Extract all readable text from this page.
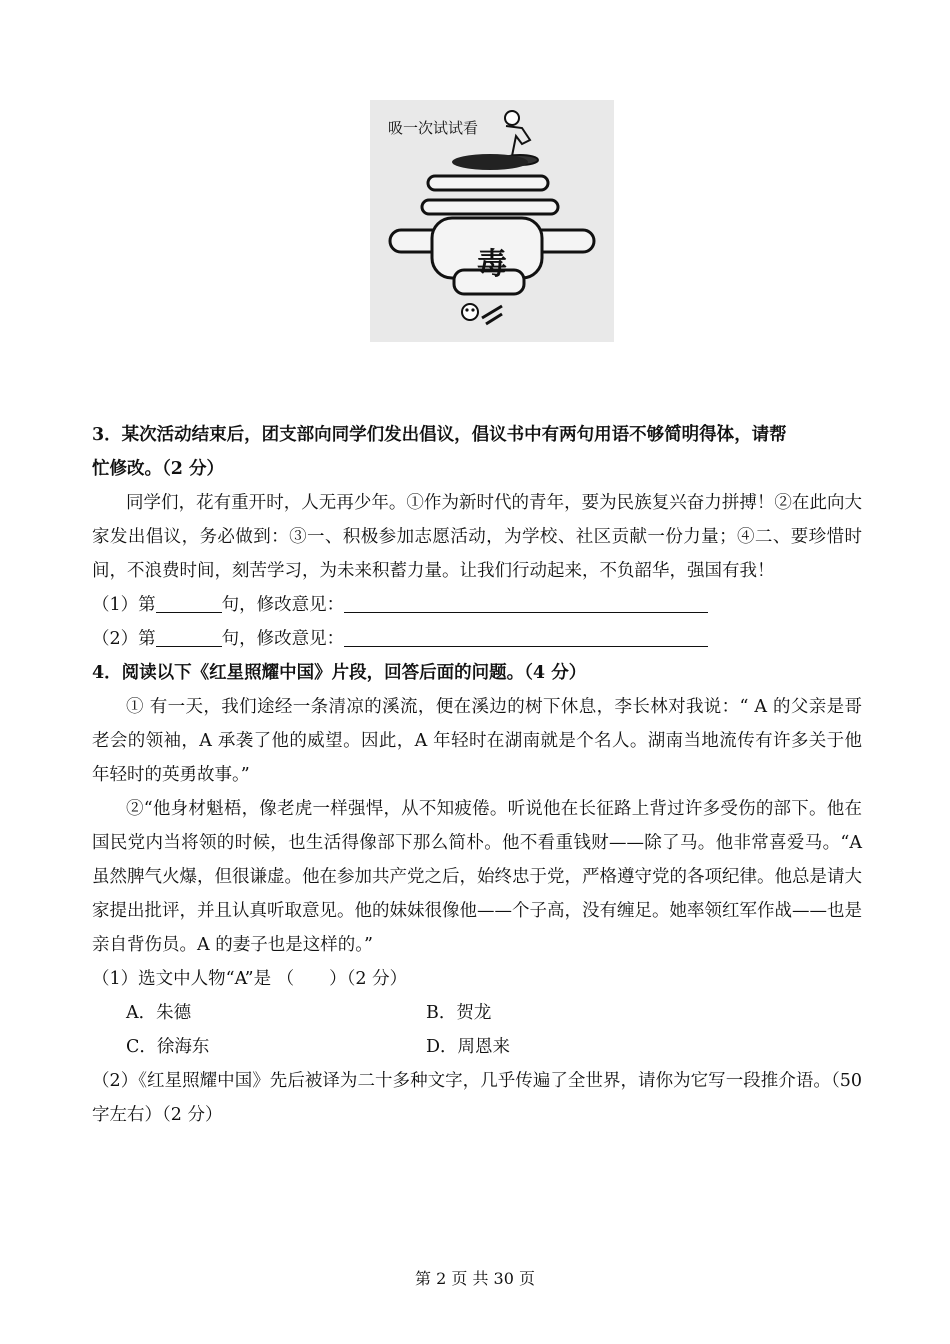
吸一次试试看
毒
3．某次活动结束后，团支部向同学们发出倡议，倡议书中有两句用语不够简明得体 · · · ·，请帮
忙修改。（2 分）
同学们，花有重开时，人无再少年。①作为新时代的青年，要为民族复兴奋力拼搏！②在此向大家发出倡议，务必做到：③一、积极参加志愿活动，为学校、社区贡献一份力量；④二、要珍惜时间，不浪费时间，刻苦学习，为未来积蓄力量。让我们行动起来，不负韶华，强国有我！
（1）第	句，修改意见：
（2）第	句，修改意见：
4．阅读以下《红星照耀中国》片段，回答后面的问题。（4 分）
① 有一天，我们途经一条清凉的溪流，便在溪边的树下休息，李长林对我说：“ A 的父亲是哥老会的领袖，A 承袭了他的威望。因此，A 年轻时在湖南就是个名人。湖南当地流传有许多关于他年轻时的英勇故事。”
②“他身材魁梧，像老虎一样强悍，从不知疲倦。听说他在长征路上背过许多受伤的部下。他在国民党内当将领的时候，也生活得像部下那么简朴。他不看重钱财——除了马。他非常喜爱马。“A 虽然脾气火爆，但很谦虚。他在参加共产党之后，始终忠于党，严格遵守党的各项纪律。他总是请大家提出批评，并且认真听取意见。他的妹妹很像他——个子高，没有缠足。她率领红军作战——也是亲自背伤员。A 的妻子也是这样的。”
（1）选文中人物“A”是 （　　）（2 分）
A．朱德	B．贺龙
C．徐海东	D．周恩来
（2）《红星照耀中国》先后被译为二十多种文字，几乎传遍了全世界，请你为它写一段推介语。（50 字左右）（2 分）
第 2 页 共 30 页
